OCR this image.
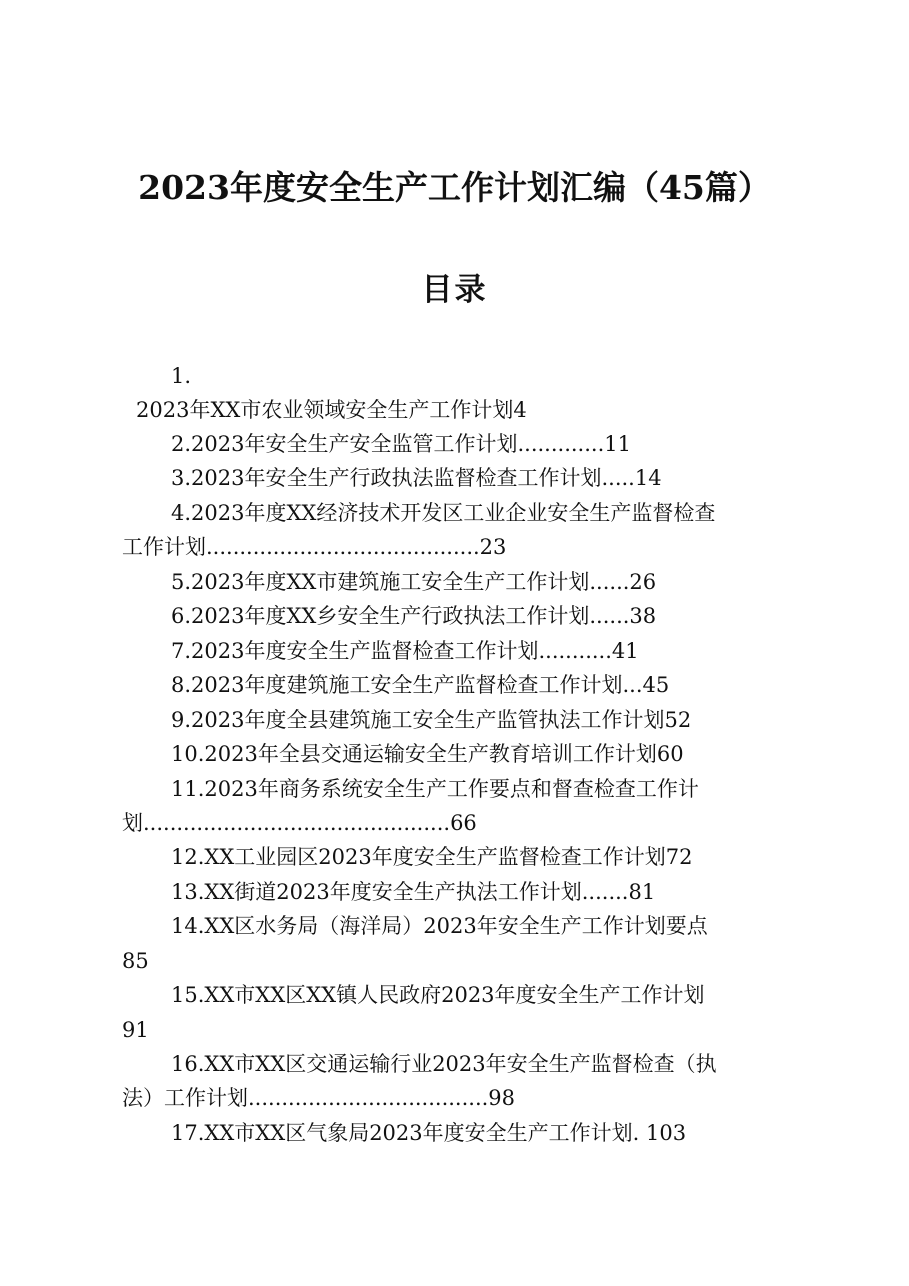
2023年度安全生产工作计划汇编（45篇）
目录
1.
2023年XX市农业领域安全生产工作计划4
2.2023年安全生产安全监管工作计划.............11
3.2023年安全生产行政执法监督检查工作计划.....14
4.2023年度XX经济技术开发区工业企业安全生产监督检查
工作计划.........................................23
5.2023年度XX市建筑施工安全生产工作计划......26
6.2023年度XX乡安全生产行政执法工作计划......38
7.2023年度安全生产监督检查工作计划...........41
8.2023年度建筑施工安全生产监督检查工作计划...45
9.2023年度全县建筑施工安全生产监管执法工作计划52
10.2023年全县交通运输安全生产教育培训工作计划60
11.2023年商务系统安全生产工作要点和督查检查工作计
划..............................................66
12.XX工业园区2023年度安全生产监督检查工作计划72
13.XX街道2023年度安全生产执法工作计划.......81
14.XX区水务局（海洋局）2023年安全生产工作计划要点
85
15.XX市XX区XX镇人民政府2023年度安全生产工作计划
91
16.XX市XX区交通运输行业2023年安全生产监督检查（执
法）工作计划....................................98
17.XX市XX区气象局2023年度安全生产工作计划. 103
